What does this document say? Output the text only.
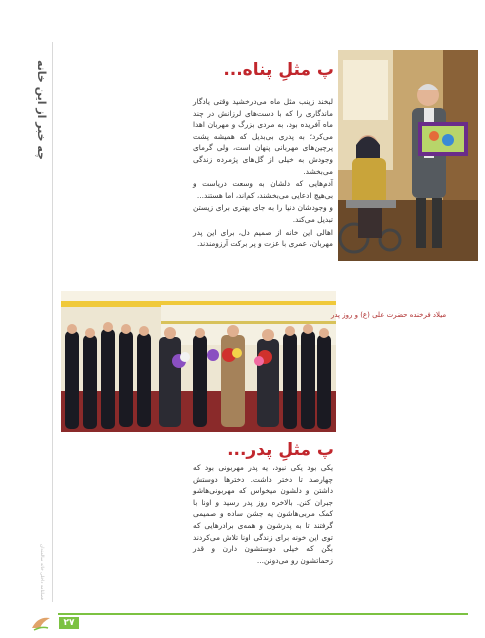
چه خبر از این خانه
فصلنامه داخلی خانه سالمندان
پ مثلِ پناه...

لبخند زینب مثل ماه می‌درخشید وقتی یادگار ماندگاری را که با دست‌های لرزانش در چند ماه آفریده بود، به مردی بزرگ و مهربان اهدا می‌کرد؛ به پدری بی‌بدیل که همیشه پشت پرچین‌های مهربانی پنهان است، ولی گرمای وجودش به خیلی از گل‌های پژمرده زندگی می‌بخشد.

آدم‌هایی که دلشان به وسعت دریاست و بی‌هیچ ادعایی می‌بخشند، کم‌اند، اما هستند...

و وجودشان دنیا را به جای بهتری برای زیستن تبدیل می‌کند.

اهالی این خانه از صمیم دل، برای این پدر مهربان، عمری با عزت و پر برکت آرزومندند.

میلاد فرخنده حضرت علی (ع) و روز پدر
پ مثلِ پدر...

یکی بود یکی نبود، یه پدر مهربونی بود که چهارصد تا دختر داشت. دخترها دوستش داشتن و دلشون میخواس که مهربونی‌هاشو جبران کنن. بالاخره روز پدر رسید و اونا با کمک مربی‌هاشون یه جشن ساده و صمیمی گرفتند تا به پدرشون و همه‌ی برادرهایی که توی این خونه برای زندگی اونا تلاش می‌کردند بگن که خیلی دوستشون دارن و قدر زحماتشون رو می‌دونن...

۲۷
